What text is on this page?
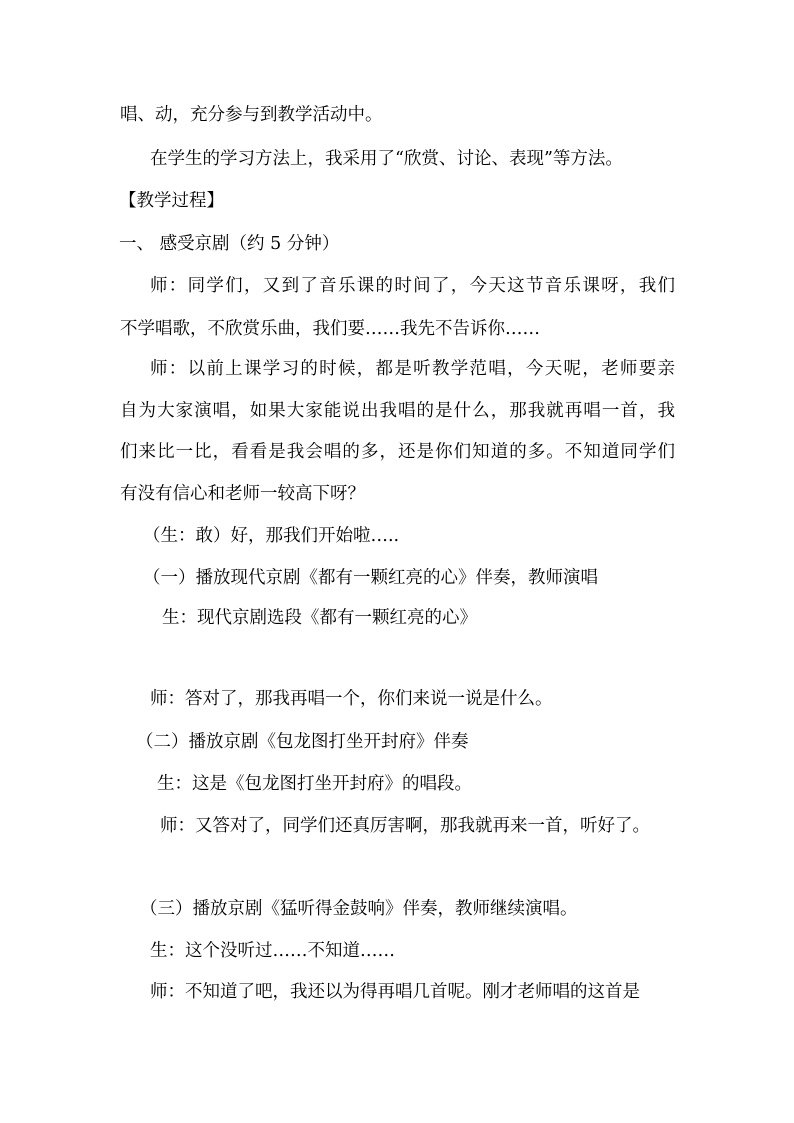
唱、动，充分参与到教学活动中。

在学生的学习方法上，我采用了“欣赏、讨论、表现”等方法。

【教学过程】

一、 感受京剧（约 5 分钟）

师：同学们，又到了音乐课的时间了，今天这节音乐课呀，我们

不学唱歌，不欣赏乐曲，我们要……我先不告诉你……

师：以前上课学习的时候，都是听教学范唱，今天呢，老师要亲

自为大家演唱，如果大家能说出我唱的是什么，那我就再唱一首，我

们来比一比，看看是我会唱的多，还是你们知道的多。不知道同学们

有没有信心和老师一较高下呀？

（生：敢）好，那我们开始啦…..

（一）播放现代京剧《都有一颗红亮的心》伴奏，教师演唱

生：现代京剧选段《都有一颗红亮的心》

师：答对了，那我再唱一个，你们来说一说是什么。

（二）播放京剧《包龙图打坐开封府》伴奏

生：这是《包龙图打坐开封府》的唱段。

师：又答对了，同学们还真厉害啊，那我就再来一首，听好了。

（三）播放京剧《猛听得金鼓响》伴奏，教师继续演唱。

生：这个没听过……不知道……

师：不知道了吧，我还以为得再唱几首呢。刚才老师唱的这首是
